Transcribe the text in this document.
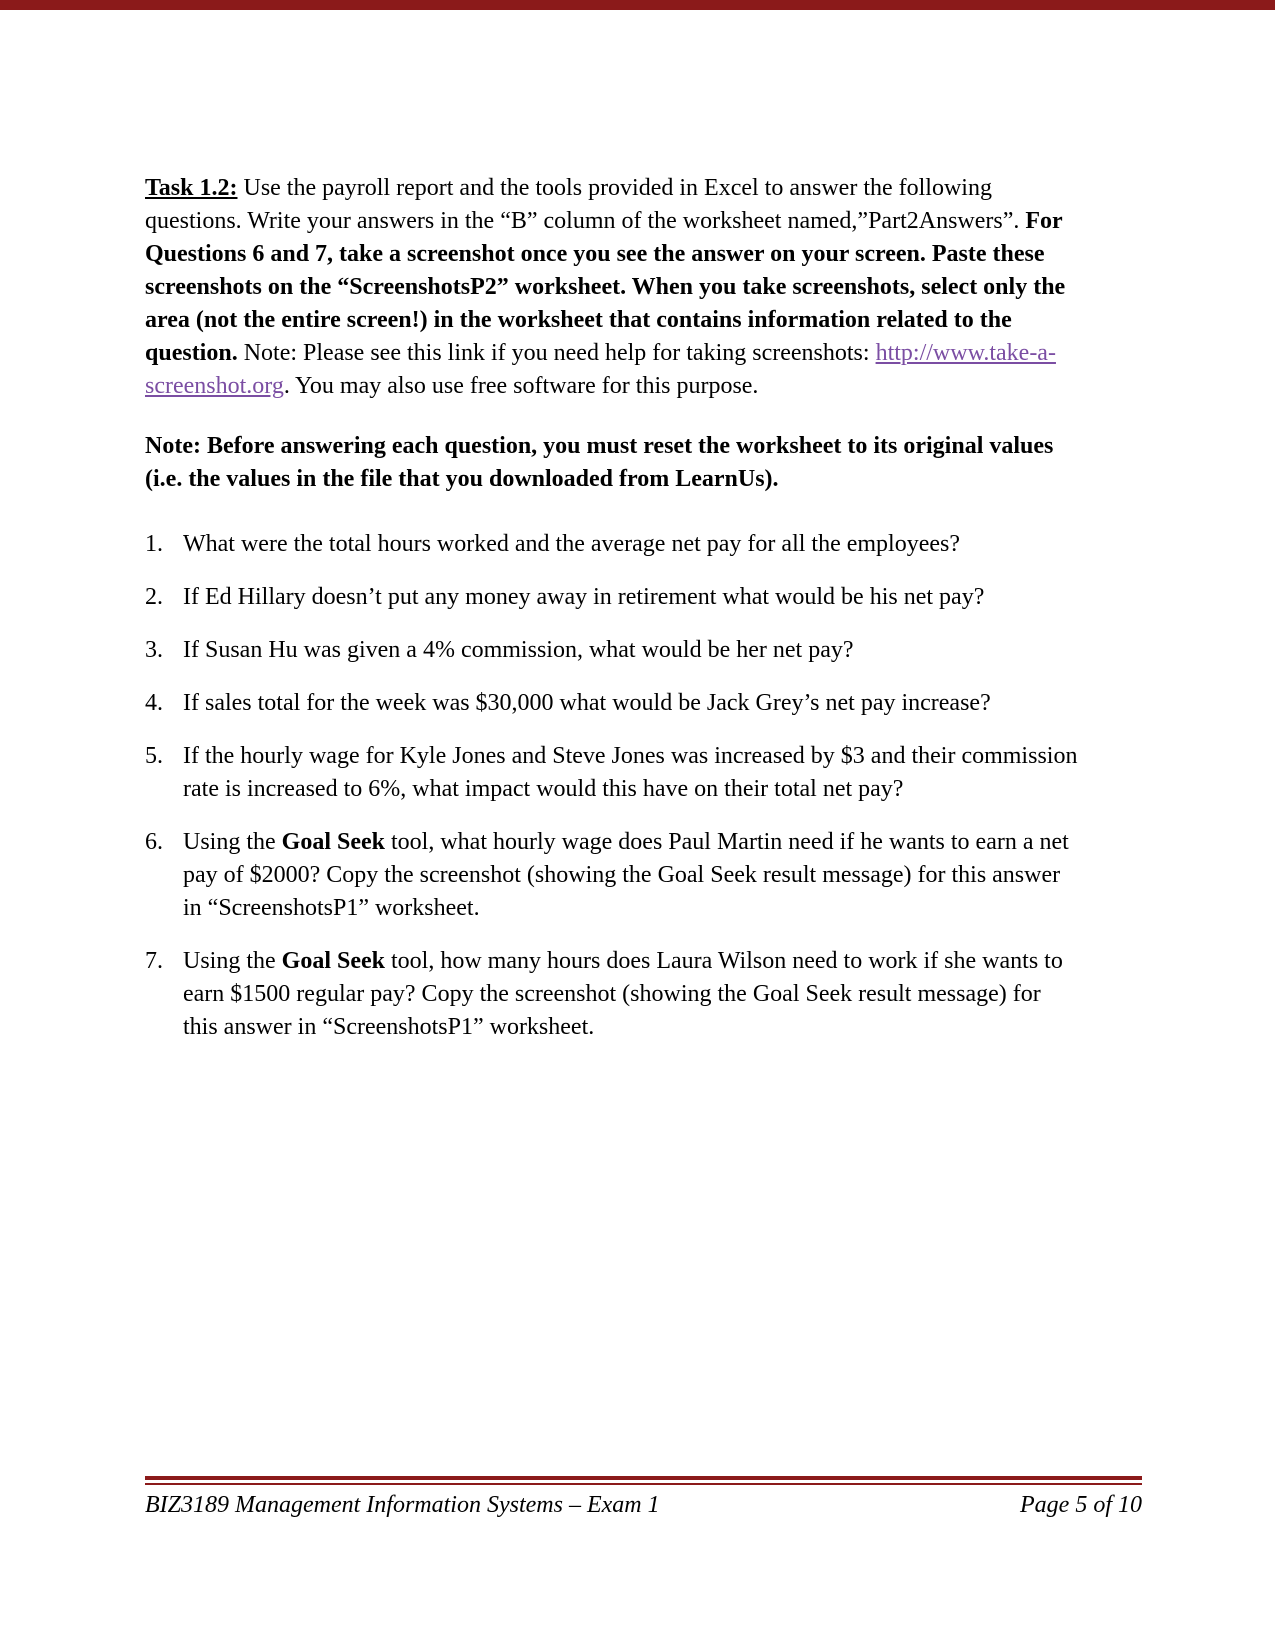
Task 1.2: Use the payroll report and the tools provided in Excel to answer the following questions. Write your answers in the “B” column of the worksheet named,”Part2Answers”. For Questions 6 and 7, take a screenshot once you see the answer on your screen. Paste these screenshots on the “ScreenshotsP2” worksheet. When you take screenshots, select only the area (not the entire screen!) in the worksheet that contains information related to the question. Note: Please see this link if you need help for taking screenshots: http://www.take-a-screenshot.org. You may also use free software for this purpose.

Note: Before answering each question, you must reset the worksheet to its original values (i.e. the values in the file that you downloaded from LearnUs).

1. What were the total hours worked and the average net pay for all the employees?
2. If Ed Hillary doesn’t put any money away in retirement what would be his net pay?
3. If Susan Hu was given a 4% commission, what would be her net pay?
4. If sales total for the week was $30,000 what would be Jack Grey’s net pay increase?
5. If the hourly wage for Kyle Jones and Steve Jones was increased by $3 and their commission rate is increased to 6%, what impact would this have on their total net pay?
6. Using the Goal Seek tool, what hourly wage does Paul Martin need if he wants to earn a net pay of $2000? Copy the screenshot (showing the Goal Seek result message) for this answer in “ScreenshotsP1” worksheet.
7. Using the Goal Seek tool, how many hours does Laura Wilson need to work if she wants to earn $1500 regular pay? Copy the screenshot (showing the Goal Seek result message) for this answer in “ScreenshotsP1” worksheet.
BIZ3189 Management Information Systems – Exam 1	Page 5 of 10
